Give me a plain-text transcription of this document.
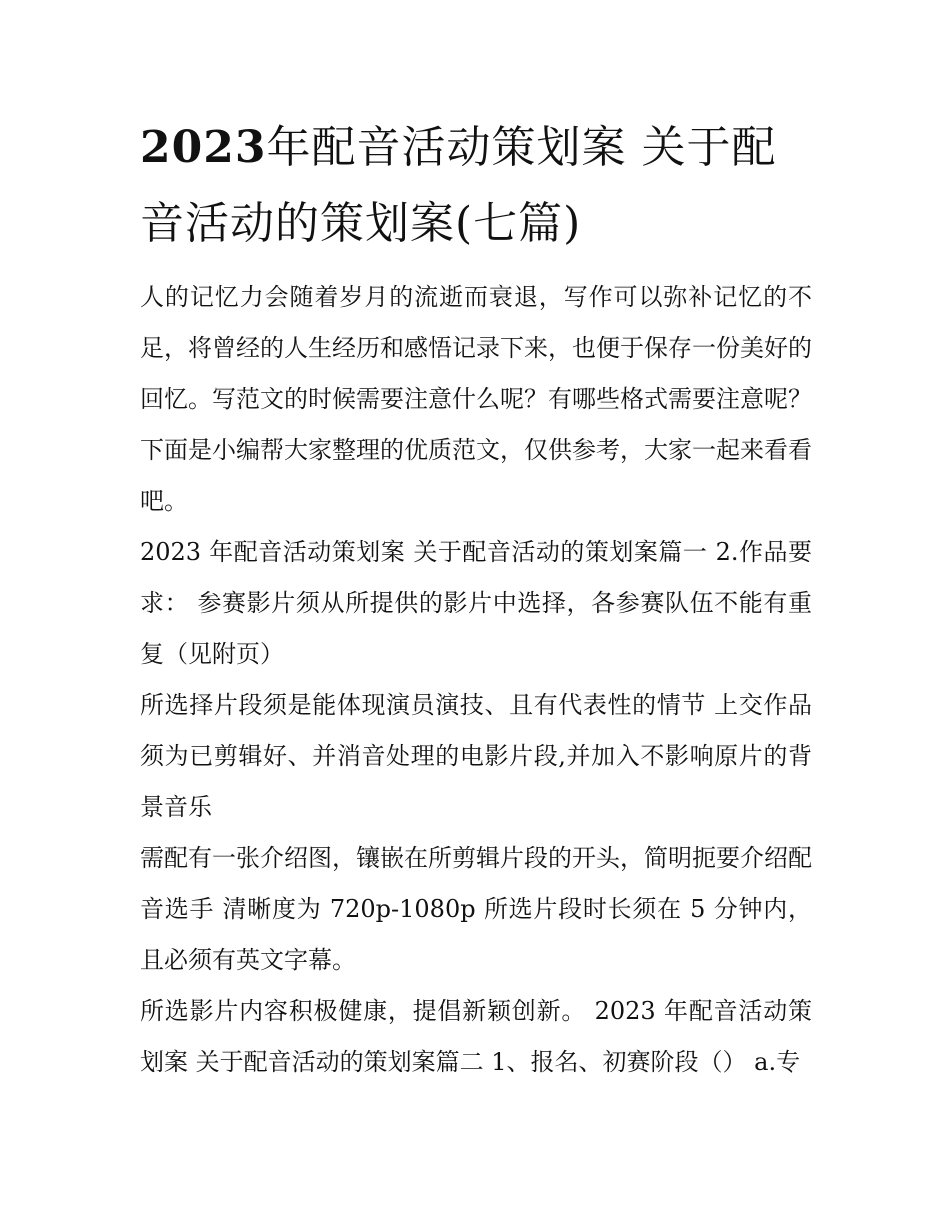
2023年配音活动策划案 关于配音活动的策划案(七篇)

人的记忆力会随着岁月的流逝而衰退，写作可以弥补记忆的不足，将曾经的人生经历和感悟记录下来，也便于保存一份美好的回忆。写范文的时候需要注意什么呢？有哪些格式需要注意呢？下面是小编帮大家整理的优质范文，仅供参考，大家一起来看看吧。

2023 年配音活动策划案 关于配音活动的策划案篇一 2.作品要求： 参赛影片须从所提供的影片中选择，各参赛队伍不能有重复（见附页）

所选择片段须是能体现演员演技、且有代表性的情节 上交作品须为已剪辑好、并消音处理的电影片段,并加入不影响原片的背景音乐

需配有一张介绍图，镶嵌在所剪辑片段的开头，简明扼要介绍配音选手 清晰度为 720p-1080p 所选片段时长须在 5 分钟内，且必须有英文字幕。

所选影片内容积极健康，提倡新颖创新。 2023 年配音活动策划案 关于配音活动的策划案篇二 1、报名、初赛阶段（） a.专
